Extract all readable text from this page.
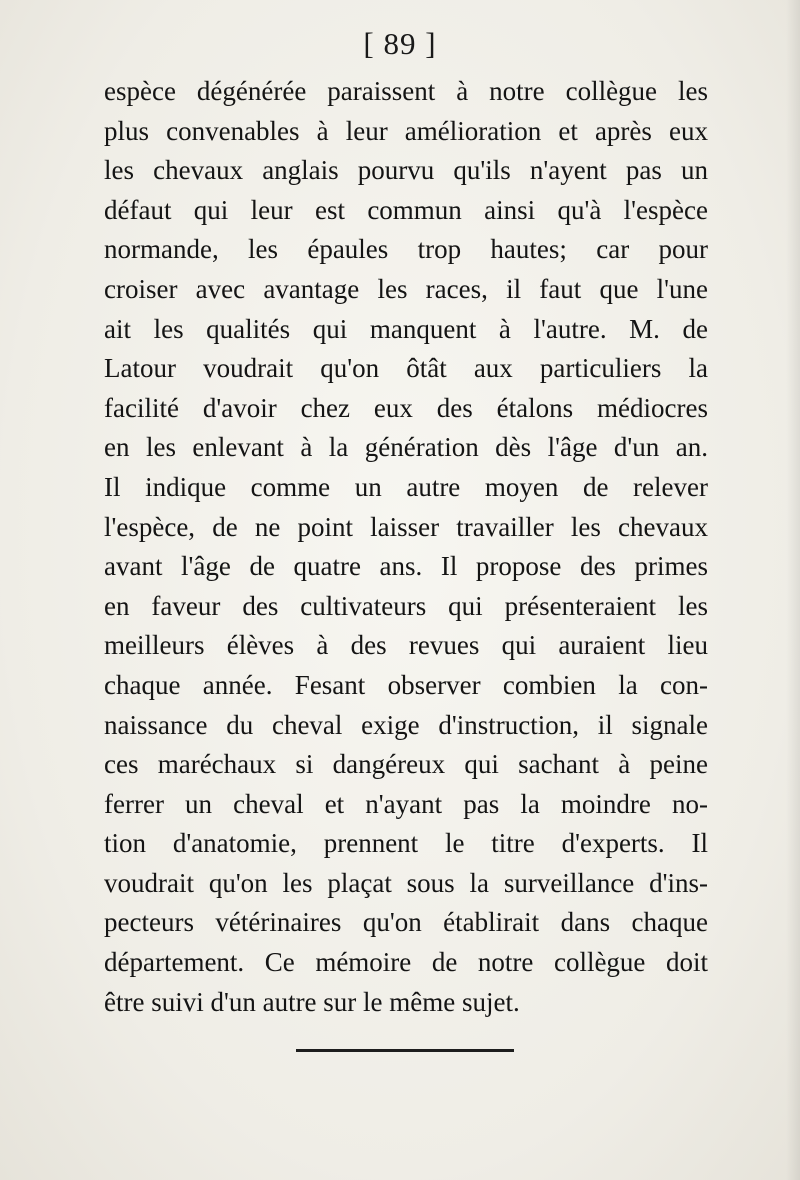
[ 89 ]
espèce dégénérée paraissent à notre collègue les
plus convenables à leur amélioration et après eux
les chevaux anglais pourvu qu'ils n'ayent pas un
défaut qui leur est commun ainsi qu'à l'espèce
normande, les épaules trop hautes; car pour
croiser avec avantage les races, il faut que l'une
ait les qualités qui manquent à l'autre. M. de
Latour voudrait qu'on ôtât aux particuliers la
facilité d'avoir chez eux des étalons médiocres
en les enlevant à la génération dès l'âge d'un an.
Il indique comme un autre moyen de relever
l'espèce, de ne point laisser travailler les chevaux
avant l'âge de quatre ans. Il propose des primes
en faveur des cultivateurs qui présenteraient les
meilleurs élèves à des revues qui auraient lieu
chaque année. Fesant observer combien la con-
naissance du cheval exige d'instruction, il signale
ces maréchaux si dangéreux qui sachant à peine
ferrer un cheval et n'ayant pas la moindre no-
tion d'anatomie, prennent le titre d'experts. Il
voudrait qu'on les plaçat sous la surveillance d'ins-
pecteurs vétérinaires qu'on établirait dans chaque
département. Ce mémoire de notre collègue doit
être suivi d'un autre sur le même sujet.
